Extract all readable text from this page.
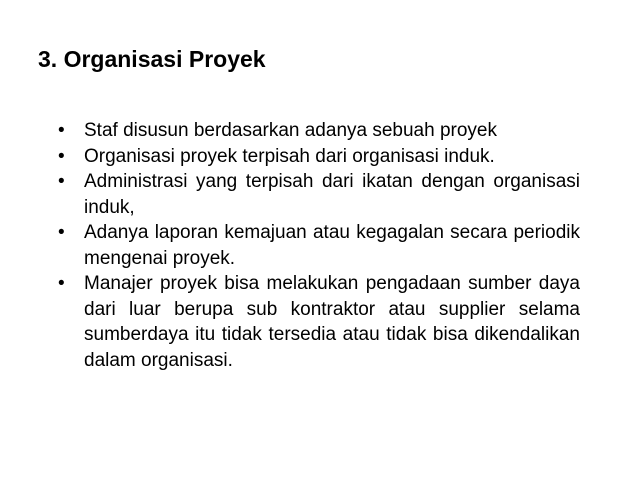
3. Organisasi Proyek
•	Staf disusun berdasarkan adanya sebuah proyek
•	Organisasi proyek terpisah dari organisasi induk.
•	Administrasi yang terpisah dari ikatan dengan organisasi induk,
•	Adanya laporan kemajuan atau kegagalan secara periodik mengenai proyek.
•	Manajer proyek bisa melakukan pengadaan sumber daya dari luar berupa sub kontraktor atau supplier selama sumberdaya itu tidak tersedia atau tidak bisa dikendalikan dalam organisasi.
